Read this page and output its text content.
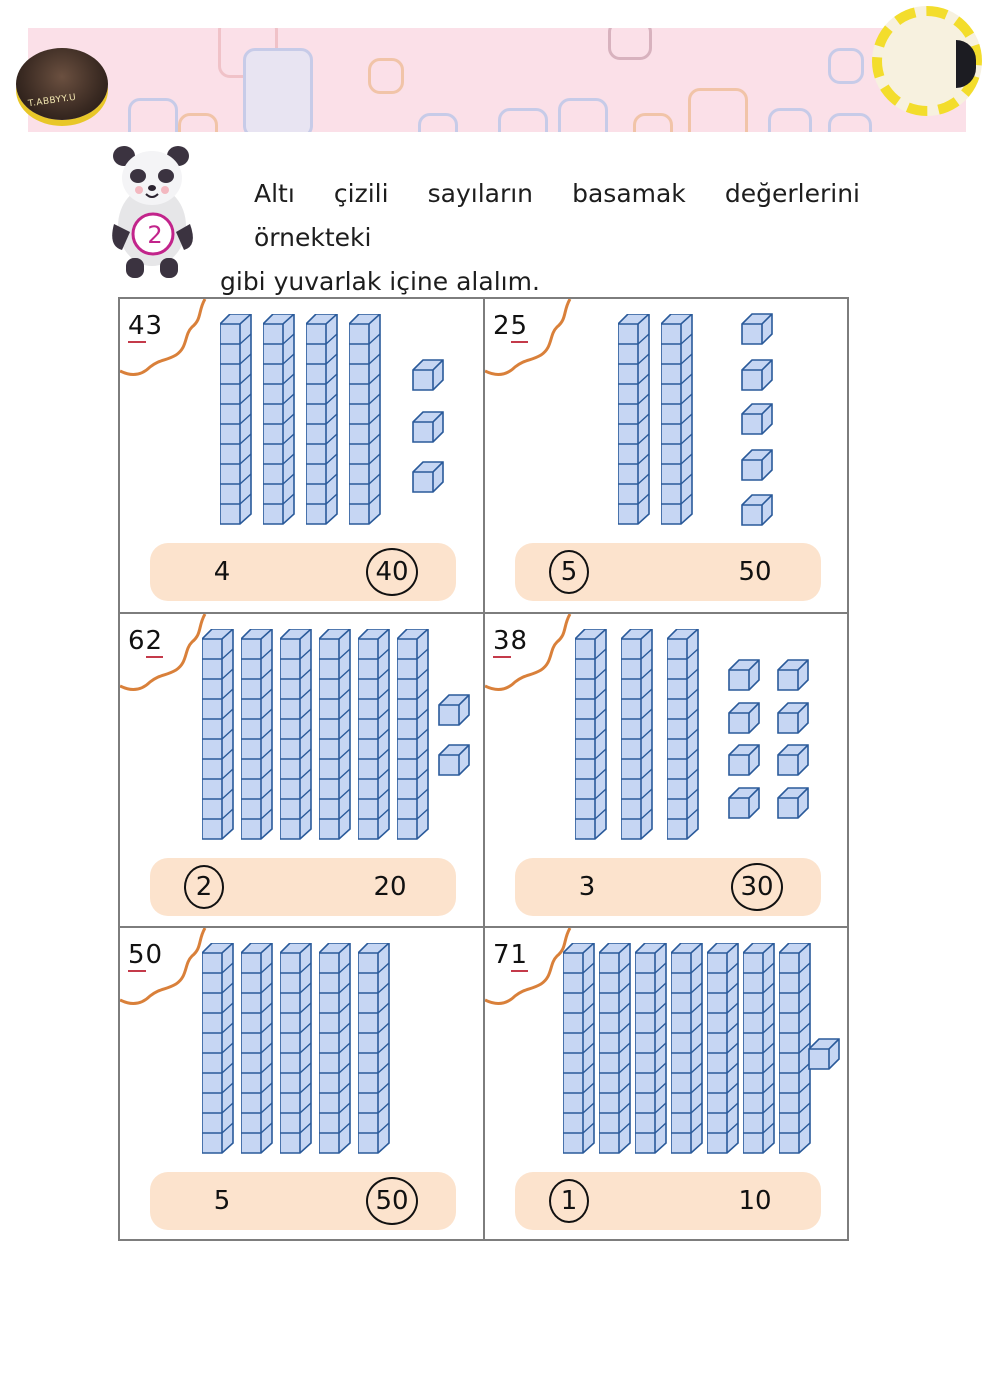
T.ABBYY.U
2
Altı çizili sayıların basamak değerlerini örnekteki
gibi yuvarlak içine alalım.
43
4	40
25
5	50
62
2	20
38
3	30
50
5	50
71
1	10
